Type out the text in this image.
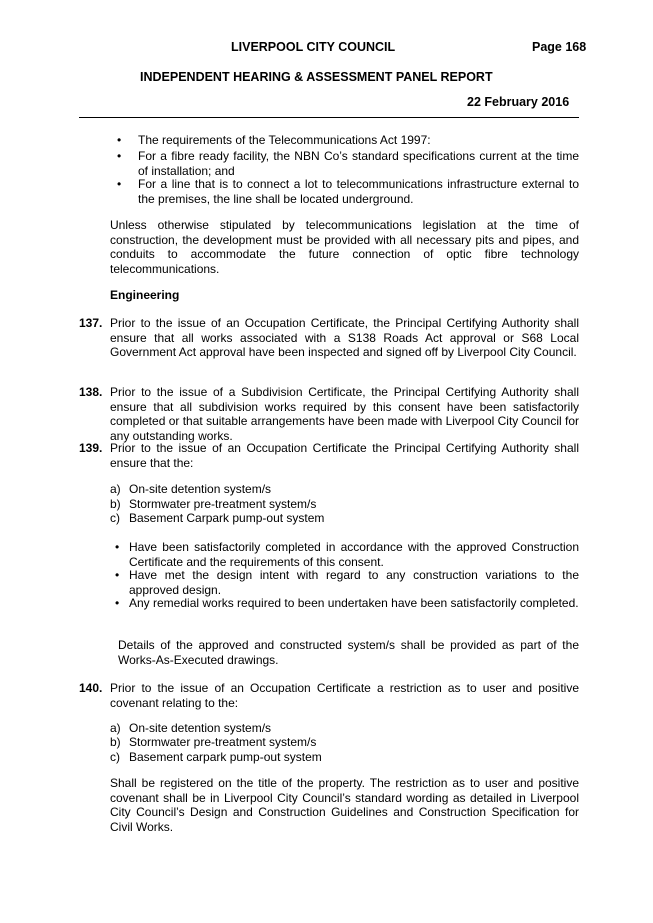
LIVERPOOL CITY COUNCIL	Page 168
INDEPENDENT HEARING & ASSESSMENT PANEL REPORT
22 February 2016
• The requirements of the Telecommunications Act 1997:
• For a fibre ready facility, the NBN Co’s standard specifications current at the time of installation; and
• For a line that is to connect a lot to telecommunications infrastructure external to the premises, the line shall be located underground.
Unless otherwise stipulated by telecommunications legislation at the time of construction, the development must be provided with all necessary pits and pipes, and conduits to accommodate the future connection of optic fibre technology telecommunications.
Engineering
137. Prior to the issue of an Occupation Certificate, the Principal Certifying Authority shall ensure that all works associated with a S138 Roads Act approval or S68 Local Government Act approval have been inspected and signed off by Liverpool City Council.
138. Prior to the issue of a Subdivision Certificate, the Principal Certifying Authority shall ensure that all subdivision works required by this consent have been satisfactorily completed or that suitable arrangements have been made with Liverpool City Council for any outstanding works.
139. Prior to the issue of an Occupation Certificate the Principal Certifying Authority shall ensure that the:
a) On-site detention system/s
b) Stormwater pre-treatment system/s
c) Basement Carpark pump-out system
• Have been satisfactorily completed in accordance with the approved Construction Certificate and the requirements of this consent.
• Have met the design intent with regard to any construction variations to the approved design.
• Any remedial works required to been undertaken have been satisfactorily completed.
Details of the approved and constructed system/s shall be provided as part of the Works-As-Executed drawings.
140. Prior to the issue of an Occupation Certificate a restriction as to user and positive covenant relating to the:
a) On-site detention system/s
b) Stormwater pre-treatment system/s
c) Basement carpark pump-out system
Shall be registered on the title of the property. The restriction as to user and positive covenant shall be in Liverpool City Council’s standard wording as detailed in Liverpool City Council’s Design and Construction Guidelines and Construction Specification for Civil Works.
